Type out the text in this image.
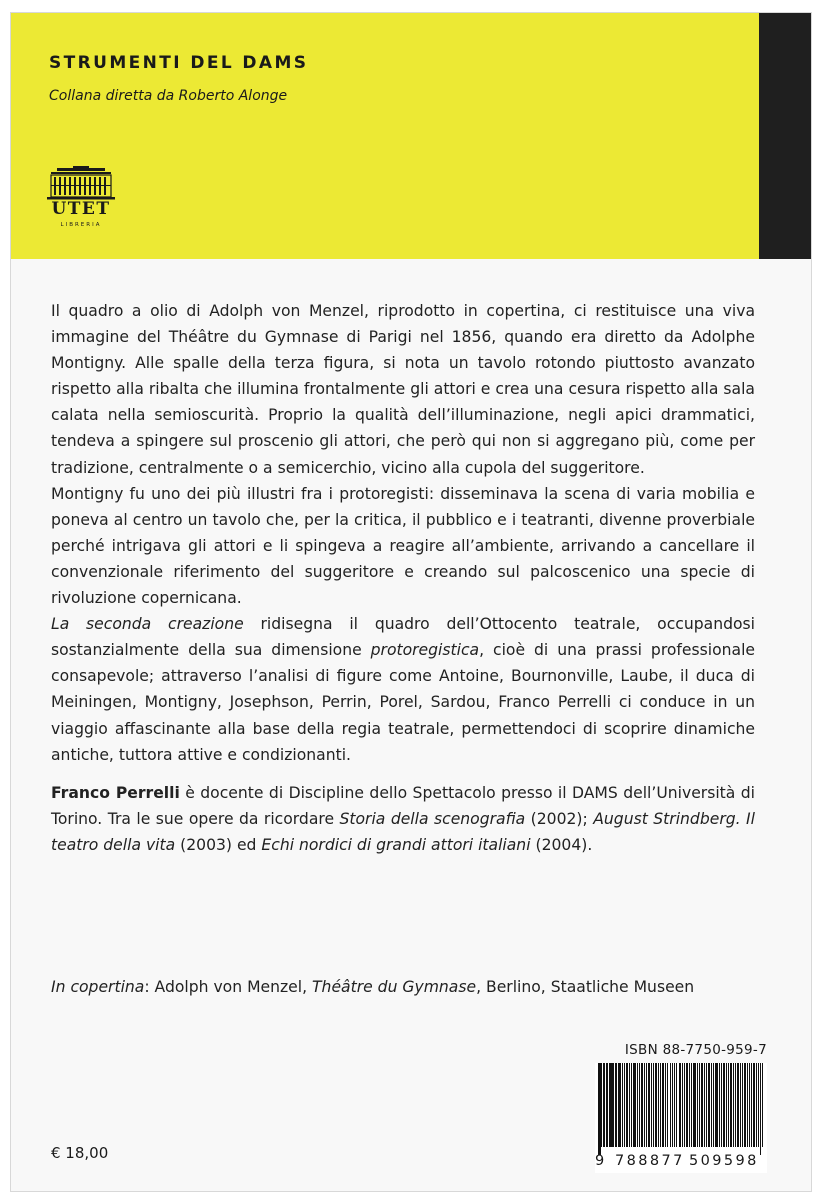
STRUMENTI DEL DAMS
Collana diretta da Roberto Alonge
UTET
LIBRERIA

Il quadro a olio di Adolph von Menzel, riprodotto in copertina, ci restituisce una viva immagine del Théâtre du Gymnase di Parigi nel 1856, quando era diretto da Adolphe Montigny. Alle spalle della terza figura, si nota un tavolo rotondo piuttosto avanzato rispetto alla ribalta che illumina frontalmente gli attori e crea una cesura rispetto alla sala calata nella semioscurità. Proprio la qualità dell’illuminazione, negli apici drammatici, tendeva a spingere sul proscenio gli attori, che però qui non si aggregano più, come per tradizione, centralmente o a semicerchio, vicino alla cupola del suggeritore.

Montigny fu uno dei più illustri fra i protoregisti: disseminava la scena di varia mobilia e poneva al centro un tavolo che, per la critica, il pubblico e i teatranti, divenne proverbiale perché intrigava gli attori e li spingeva a reagire all’ambiente, arrivando a cancellare il convenzionale riferimento del suggeritore e creando sul palcoscenico una specie di rivoluzione copernicana.

La seconda creazione ridisegna il quadro dell’Ottocento teatrale, occupandosi sostanzialmente della sua dimensione protoregistica, cioè di una prassi professionale consapevole; attraverso l’analisi di figure come Antoine, Bournonville, Laube, il duca di Meiningen, Montigny, Josephson, Perrin, Porel, Sardou, Franco Perrelli ci conduce in un viaggio affascinante alla base della regia teatrale, permettendoci di scoprire dinamiche antiche, tuttora attive e condizionanti.

Franco Perrelli è docente di Discipline dello Spettacolo presso il DAMS dell’Università di Torino. Tra le sue opere da ricordare Storia della scenografia (2002); August Strindberg. Il teatro della vita (2003) ed Echi nordici di grandi attori italiani (2004).

In copertina: Adolph von Menzel, Théâtre du Gymnase, Berlino, Staatliche Museen
ISBN 88-7750-959-7
9 788877 509598
€ 18,00
